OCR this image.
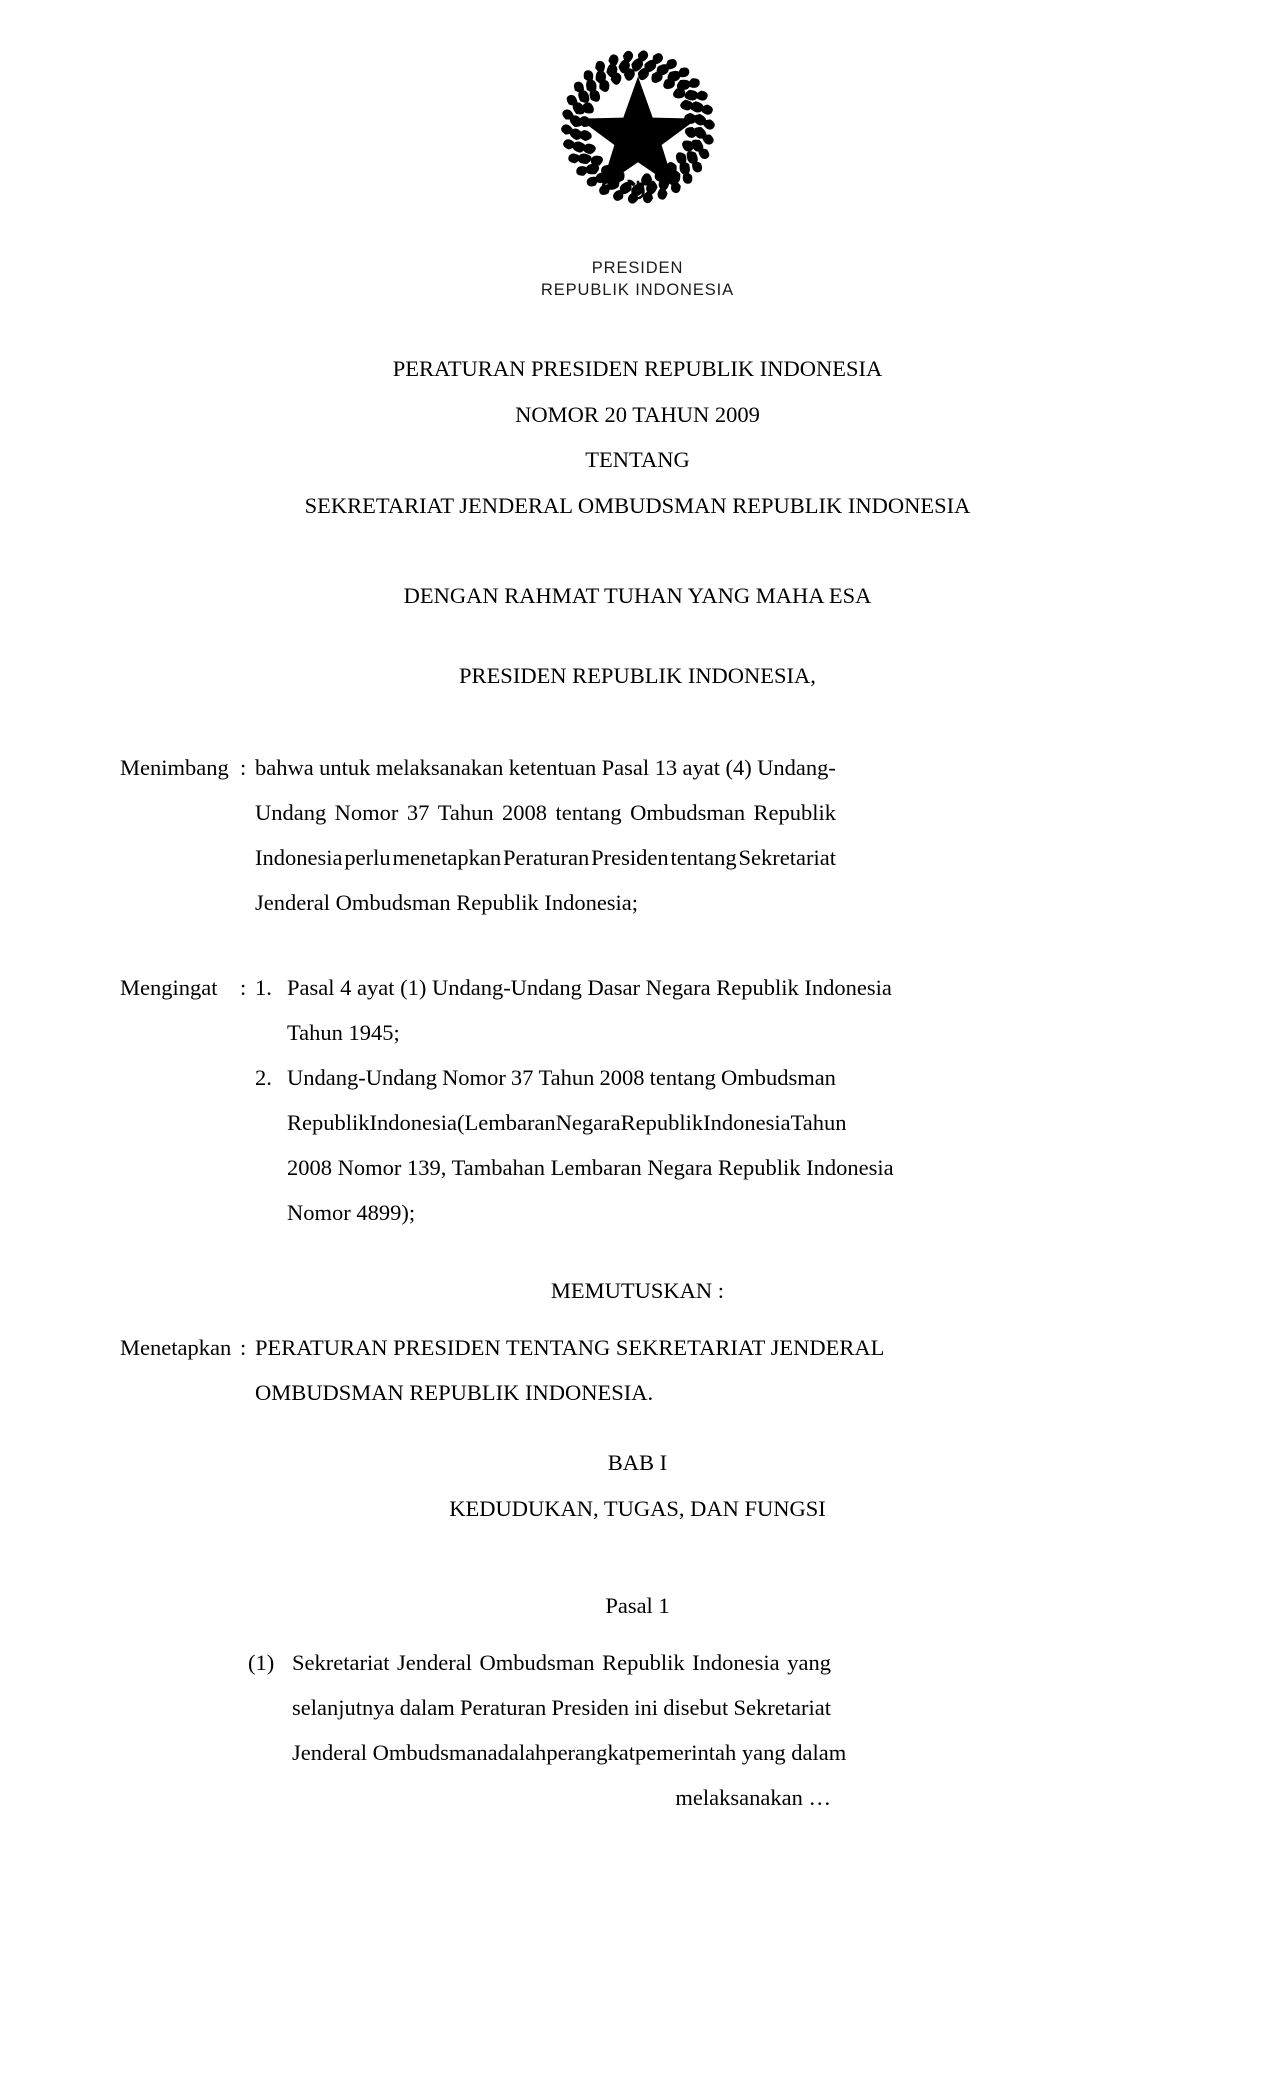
PRESIDEN
REPUBLIK INDONESIA
PERATURAN PRESIDEN REPUBLIK INDONESIA
NOMOR 20 TAHUN 2009
TENTANG
SEKRETARIAT JENDERAL OMBUDSMAN REPUBLIK INDONESIA
DENGAN RAHMAT TUHAN YANG MAHA ESA
PRESIDEN REPUBLIK INDONESIA,
Menimbang : bahwa untuk melaksanakan ketentuan Pasal 13 ayat (4) Undang-
Undang Nomor 37 Tahun 2008 tentang Ombudsman Republik
Indonesia perlu menetapkan Peraturan Presiden tentang Sekretariat
Jenderal Ombudsman Republik Indonesia;
Mengingat	: 1. Pasal 4 ayat (1) Undang-Undang Dasar Negara Republik Indonesia
Tahun 1945;
2. Undang-Undang Nomor 37 Tahun 2008 tentang Ombudsman
Republik Indonesia (Lembaran Negara Republik Indonesia Tahun
2008 Nomor 139, Tambahan Lembaran Negara Republik Indonesia
Nomor 4899);
MEMUTUSKAN :
Menetapkan : PERATURAN PRESIDEN TENTANG SEKRETARIAT JENDERAL
OMBUDSMAN REPUBLIK INDONESIA.
BAB I
KEDUDUKAN, TUGAS, DAN FUNGSI
Pasal 1
(1) Sekretariat Jenderal Ombudsman Republik Indonesia yang
selanjutnya dalam Peraturan Presiden ini disebut Sekretariat
Jenderal Ombudsman adalah perangkat pemerintah yang dalam
melaksanakan …
